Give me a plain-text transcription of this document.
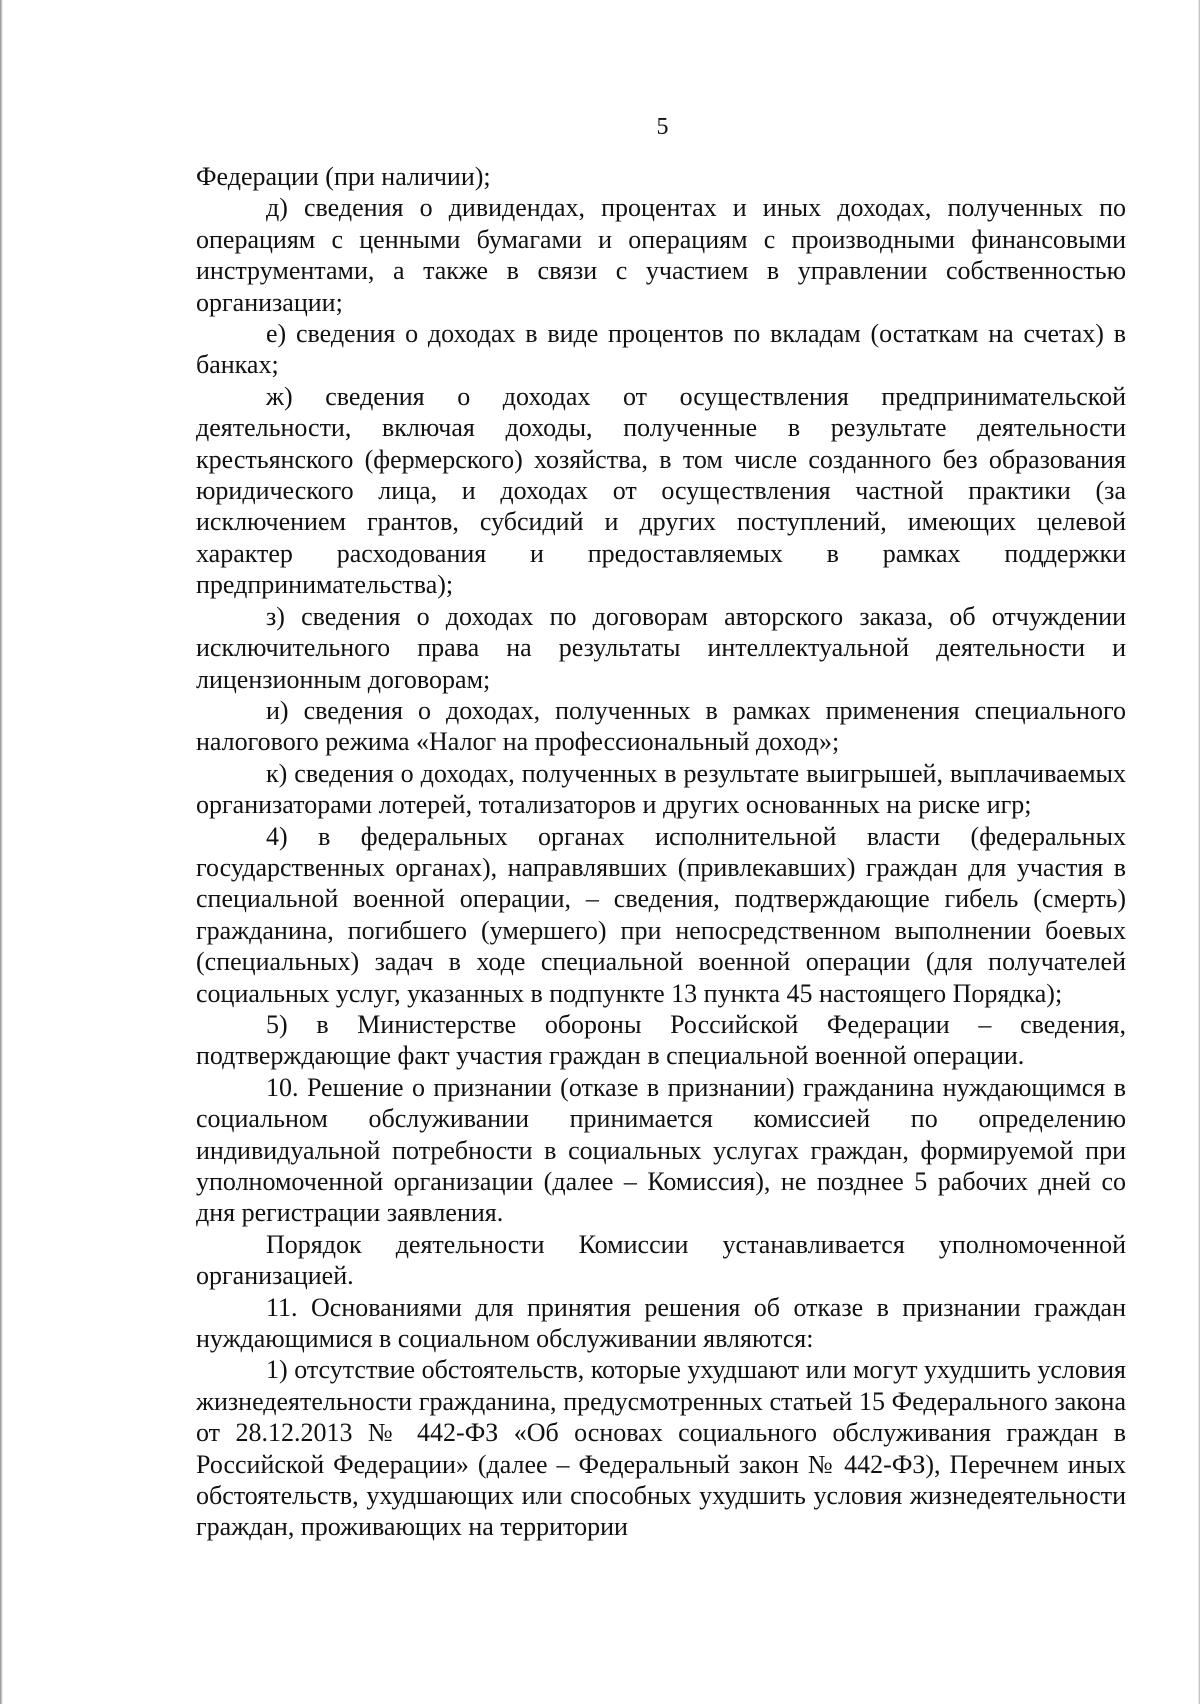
5

Федерации (при наличии);

д) сведения о дивидендах, процентах и иных доходах, полученных по операциям с ценными бумагами и операциям с производными финансовыми инструментами, а также в связи с участием в управлении собственностью организации;

е) сведения о доходах в виде процентов по вкладам (остаткам на счетах) в банках;

ж) сведения о доходах от осуществления предпринимательской деятельности, включая доходы, полученные в результате деятельности крестьянского (фермерского) хозяйства, в том числе созданного без образования юридического лица, и доходах от осуществления частной практики (за исключением грантов, субсидий и других поступлений, имеющих целевой характер расходования и предоставляемых в рамках поддержки предпринимательства);

з) сведения о доходах по договорам авторского заказа, об отчуждении исключительного права на результаты интеллектуальной деятельности и лицензионным договорам;

и) сведения о доходах, полученных в рамках применения специального налогового режима «Налог на профессиональный доход»;

к) сведения о доходах, полученных в результате выигрышей, выплачиваемых организаторами лотерей, тотализаторов и других основанных на риске игр;

4) в федеральных органах исполнительной власти (федеральных государственных органах), направлявших (привлекавших) граждан для участия в специальной военной операции, – сведения, подтверждающие гибель (смерть) гражданина, погибшего (умершего) при непосредственном выполнении боевых (специальных) задач в ходе специальной военной операции (для получателей социальных услуг, указанных в подпункте 13 пункта 45 настоящего Порядка);

5) в Министерстве обороны Российской Федерации – сведения, подтверждающие факт участия граждан в специальной военной операции.

10. Решение о признании (отказе в признании) гражданина нуждающимся в социальном обслуживании принимается комиссией по определению индивидуальной потребности в социальных услугах граждан, формируемой при уполномоченной организации (далее – Комиссия), не позднее 5 рабочих дней со дня регистрации заявления.

Порядок деятельности Комиссии устанавливается уполномоченной организацией.

11. Основаниями для принятия решения об отказе в признании граждан нуждающимися в социальном обслуживании являются:

1) отсутствие обстоятельств, которые ухудшают или могут ухудшить условия жизнедеятельности гражданина, предусмотренных статьей 15 Федерального закона от 28.12.2013 № 442-ФЗ «Об основах социального обслуживания граждан в Российской Федерации» (далее – Федеральный закон № 442-ФЗ), Перечнем иных обстоятельств, ухудшающих или способных ухудшить условия жизнедеятельности граждан, проживающих на территории
